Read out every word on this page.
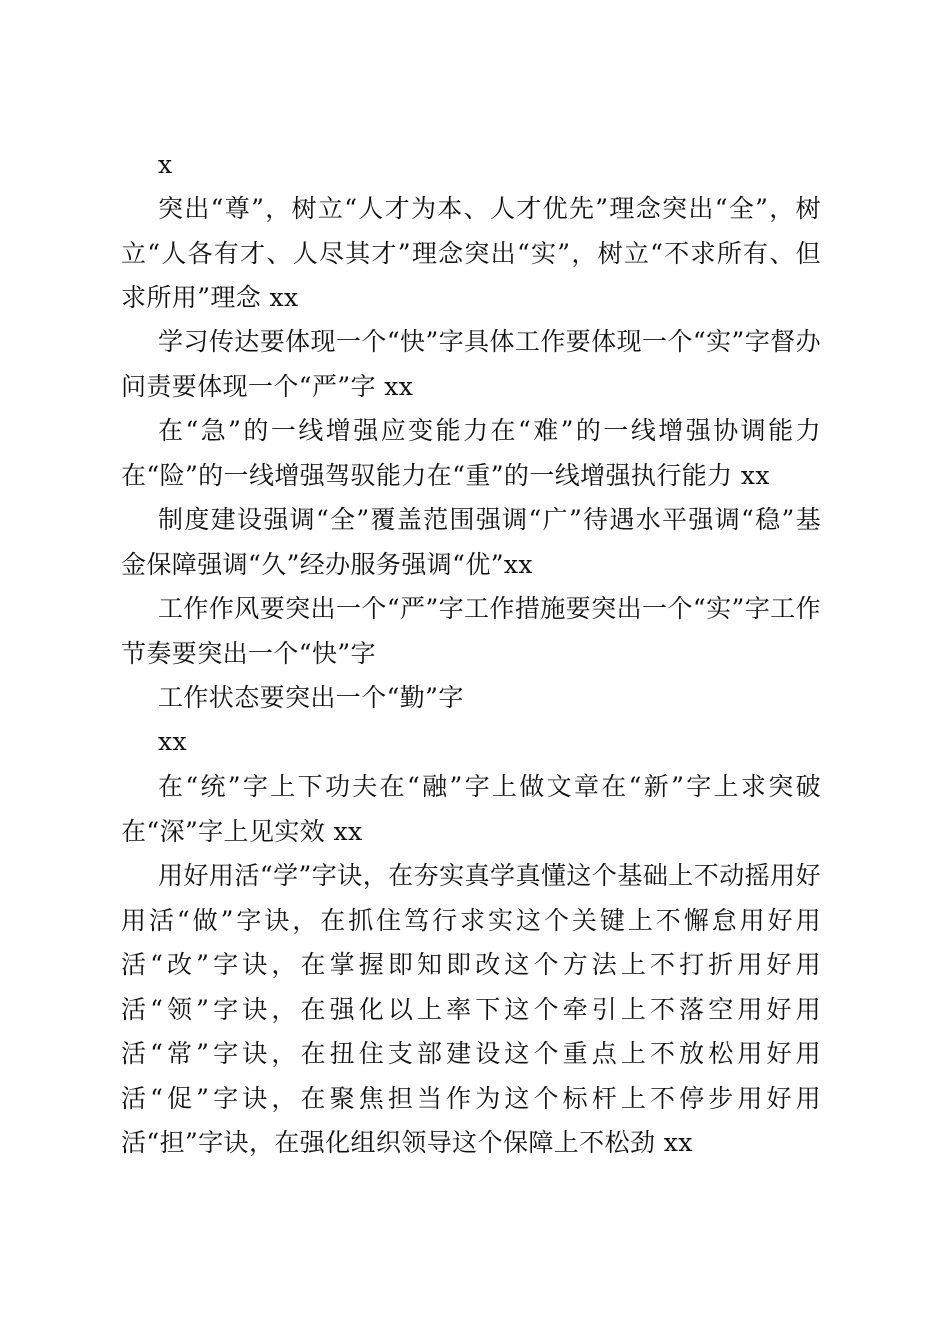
x

突出“尊”，树立“人才为本、人才优先”理念突出“全”，树立“人各有才、人尽其才”理念突出“实”，树立“不求所有、但求所用”理念 xx

学习传达要体现一个“快”字具体工作要体现一个“实”字督办问责要体现一个“严”字 xx

在“急”的一线增强应变能力在“难”的一线增强协调能力在“险”的一线增强驾驭能力在“重”的一线增强执行能力 xx

制度建设强调“全”覆盖范围强调“广”待遇水平强调“稳”基金保障强调“久”经办服务强调“优”xx

工作作风要突出一个“严”字工作措施要突出一个“实”字工作节奏要突出一个“快”字

工作状态要突出一个“勤”字

xx

在“统”字上下功夫在“融”字上做文章在“新”字上求突破在“深”字上见实效 xx

用好用活“学”字诀，在夯实真学真懂这个基础上不动摇用好用活“做”字诀，在抓住笃行求实这个关键上不懈怠用好用活“改”字诀，在掌握即知即改这个方法上不打折用好用活“领”字诀，在强化以上率下这个牵引上不落空用好用活“常”字诀，在扭住支部建设这个重点上不放松用好用活“促”字诀，在聚焦担当作为这个标杆上不停步用好用活“担”字诀，在强化组织领导这个保障上不松劲 xx
